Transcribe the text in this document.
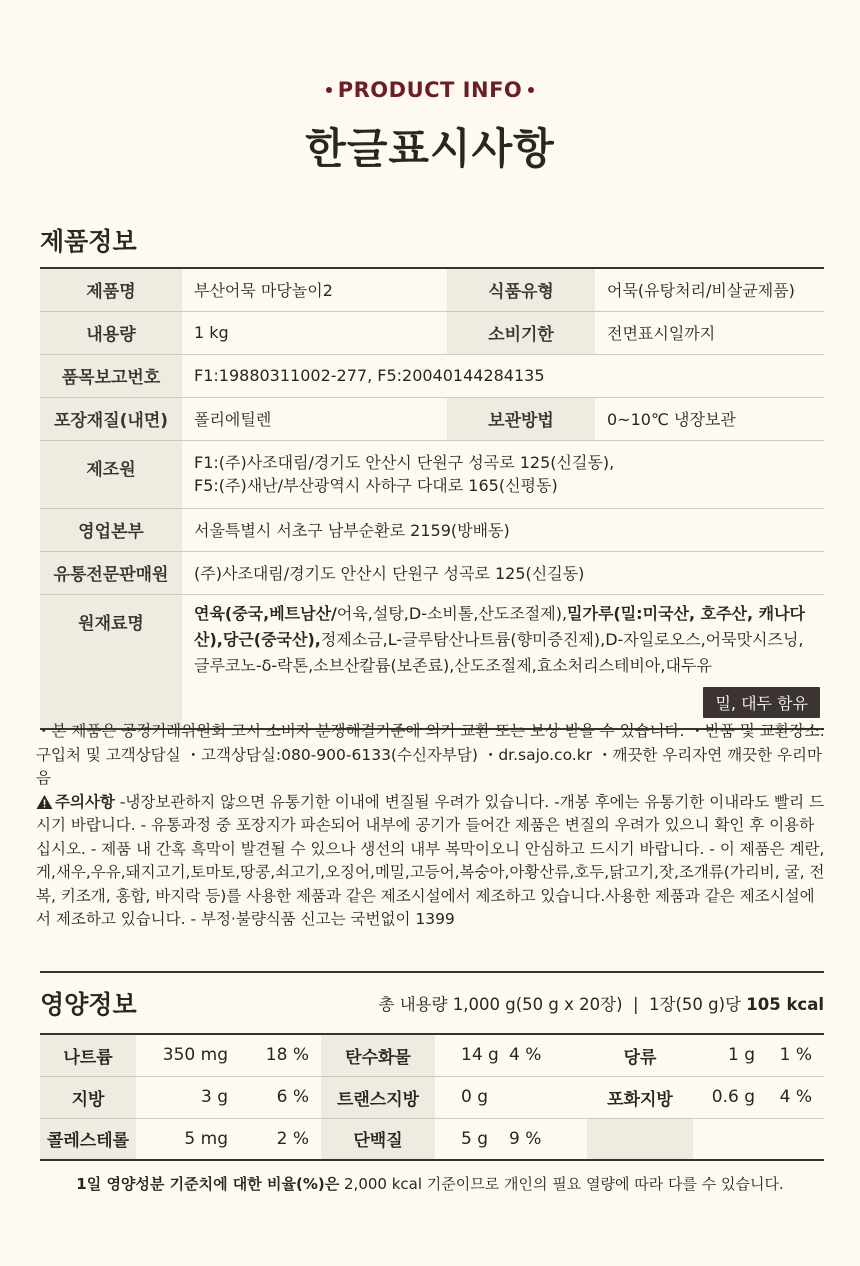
PRODUCT INFO
한글표시사항
제품정보
제품명	부산어묵 마당놀이2	식품유형	어묵(유탕처리/비살균제품)
내용량	1 kg	소비기한	전면표시일까지
품목보고번호	F1:19880311002-277, F5:20040144284135		
포장재질(내면)	폴리에틸렌	보관방법	0~10℃ 냉장보관
제조원	F1:(주)사조대림/경기도 안산시 단원구 성곡로 125(신길동),
F5:(주)새난/부산광역시 사하구 다대로 165(신평동)		

영업본부	서울특별시 서초구 남부순환로 2159(방배동)		
유통전문판매원	(주)사조대림/경기도 안산시 단원구 성곡로 125(신길동)		
원재료명	연육(중국,베트남산/어육,설탕,D-소비톨,산도조절제),밀가루(밀:미국산, 호주산, 캐나다산),당근(중국산),정제소금,L-글루탐산나트륨(향미증진제),D-자일로오스,어묵맛시즈닝,글루코노-δ-락톤,소브산칼륨(보존료),산도조절제,효소처리스테비아,대두유
밀, 대두 함유		
・본 제품은 공정거래위원회 고시 소비자 분쟁해결기준에 의거 교환 또는 보상 받을 수 있습니다. ・반품 및 교환장소:구입처 및 고객상담실 ・고객상담실:080-900-6133(수신자부담) ・dr.sajo.co.kr ・깨끗한 우리자연 깨끗한 우리마음
주의사항 -냉장보관하지 않으면 유통기한 이내에 변질될 우려가 있습니다. -개봉 후에는 유통기한 이내라도 빨리 드시기 바랍니다. - 유통과정 중 포장지가 파손되어 내부에 공기가 들어간 제품은 변질의 우려가 있으니 확인 후 이용하십시오. - 제품 내 간혹 흑막이 발견될 수 있으나 생선의 내부 복막이오니 안심하고 드시기 바랍니다. - 이 제품은 계란,게,새우,우유,돼지고기,토마토,땅콩,쇠고기,오징어,메밀,고등어,복숭아,아황산류,호두,닭고기,잣,조개류(가리비, 굴, 전복, 키조개, 홍합, 바지락 등)를 사용한 제품과 같은 제조시설에서 제조하고 있습니다.사용한 제품과 같은 제조시설에서 제조하고 있습니다. - 부정·불량식품 신고는 국번없이 1399
영양정보	총 내용량 1,000 g(50 g x 20장)  |  1장(50 g)당 105 kcal
나트륨	350 mg	18 %	탄수화물	14 g	4 %	당류	1 g	1 %
지방	3 g	6 %	트랜스지방	0 g		포화지방	0.6 g	4 %
콜레스테롤	5 mg	2 %	단백질	5 g	9 %			
1일 영양성분 기준치에 대한 비율(%)은 2,000 kcal 기준이므로 개인의 필요 열량에 따라 다를 수 있습니다.
